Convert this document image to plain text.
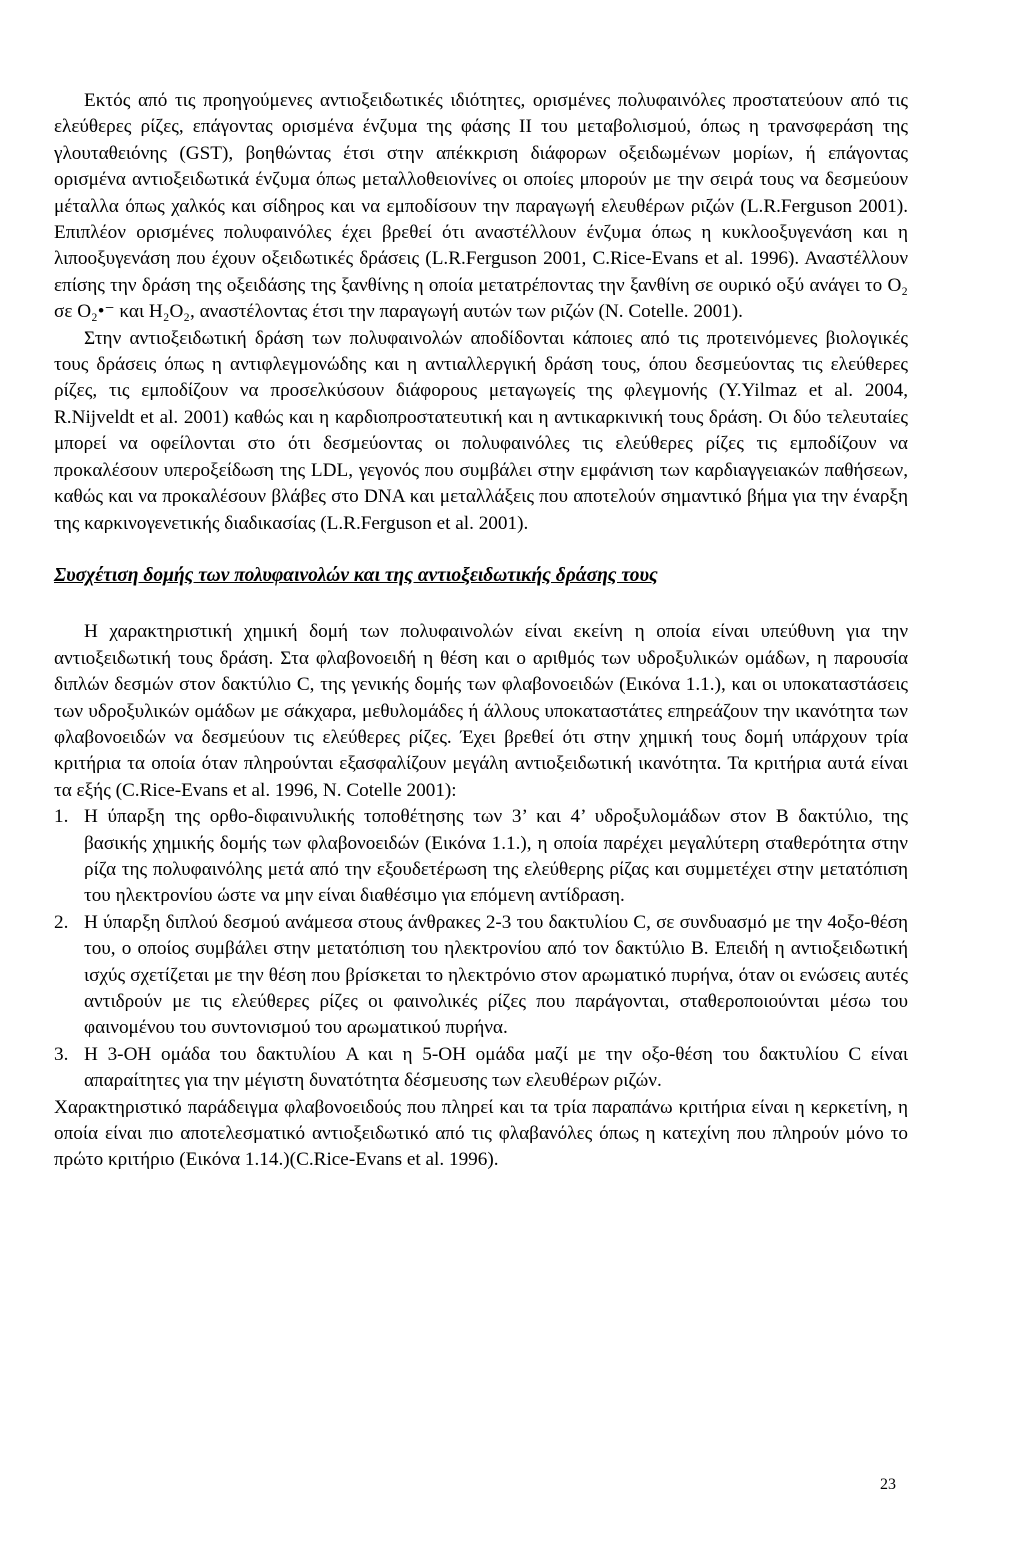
Εκτός από τις προηγούμενες αντιοξειδωτικές ιδιότητες, ορισμένες πολυφαινόλες προστατεύουν από τις ελεύθερες ρίζες, επάγοντας ορισμένα ένζυμα της φάσης II του μεταβολισμού, όπως η τρανσφεράση της γλουταθειόνης (GST), βοηθώντας έτσι στην απέκκριση διάφορων οξειδωμένων μορίων, ή επάγοντας ορισμένα αντιοξειδωτικά ένζυμα όπως μεταλλοθειονίνες οι οποίες μπορούν με την σειρά τους να δεσμεύουν μέταλλα όπως χαλκός και σίδηρος και να εμποδίσουν την παραγωγή ελευθέρων ριζών (L.R.Ferguson 2001). Επιπλέον ορισμένες πολυφαινόλες έχει βρεθεί ότι αναστέλλουν ένζυμα όπως η κυκλοοξυγενάση και η λιποοξυγενάση που έχουν οξειδωτικές δράσεις (L.R.Ferguson 2001, C.Rice-Evans et al. 1996). Αναστέλλουν επίσης την δράση της οξειδάσης της ξανθίνης η οποία μετατρέποντας την ξανθίνη σε ουρικό οξύ ανάγει το O₂ σε O₂•⁻ και H₂O₂, αναστέλοντας έτσι την παραγωγή αυτών των ριζών (N. Cotelle. 2001).

Στην αντιοξειδωτική δράση των πολυφαινολών αποδίδονται κάποιες από τις προτεινόμενες βιολογικές τους δράσεις όπως η αντιφλεγμονώδης και η αντιαλλεργική δράση τους, όπου δεσμεύοντας τις ελεύθερες ρίζες, τις εμποδίζουν να προσελκύσουν διάφορους μεταγωγείς της φλεγμονής (Y.Yilmaz et al. 2004, R.Nijveldt et al. 2001) καθώς και η καρδιοπροστατευτική και η αντικαρκινική τους δράση. Οι δύο τελευταίες μπορεί να οφείλονται στο ότι δεσμεύοντας οι πολυφαινόλες τις ελεύθερες ρίζες τις εμποδίζουν να προκαλέσουν υπεροξείδωση της LDL, γεγονός που συμβάλει στην εμφάνιση των καρδιαγγειακών παθήσεων, καθώς και να προκαλέσουν βλάβες στο DNA και μεταλλάξεις που αποτελούν σημαντικό βήμα για την έναρξη της καρκινογενετικής διαδικασίας (L.R.Ferguson et al. 2001).

Συσχέτιση δομής των πολυφαινολών και της αντιοξειδωτικής δράσης τους

Η χαρακτηριστική χημική δομή των πολυφαινολών είναι εκείνη η οποία είναι υπεύθυνη για την αντιοξειδωτική τους δράση. Στα φλαβονοειδή η θέση και ο αριθμός των υδροξυλικών ομάδων, η παρουσία διπλών δεσμών στον δακτύλιο C, της γενικής δομής των φλαβονοειδών (Εικόνα 1.1.), και οι υποκαταστάσεις των υδροξυλικών ομάδων με σάκχαρα, μεθυλομάδες ή άλλους υποκαταστάτες επηρεάζουν την ικανότητα των φλαβονοειδών να δεσμεύουν τις ελεύθερες ρίζες. Έχει βρεθεί ότι στην χημική τους δομή υπάρχουν τρία κριτήρια τα οποία όταν πληρούνται εξασφαλίζουν μεγάλη αντιοξειδωτική ικανότητα. Τα κριτήρια αυτά είναι τα εξής (C.Rice-Evans et al. 1996, N. Cotelle 2001):

1. Η ύπαρξη της ορθο-διφαινυλικής τοποθέτησης των 3’ και 4’ υδροξυλομάδων στον B δακτύλιο, της βασικής χημικής δομής των φλαβονοειδών (Εικόνα 1.1.), η οποία παρέχει μεγαλύτερη σταθερότητα στην ρίζα της πολυφαινόλης μετά από την εξουδετέρωση της ελεύθερης ρίζας και συμμετέχει στην μετατόπιση του ηλεκτρονίου ώστε να μην είναι διαθέσιμο για επόμενη αντίδραση.
2. Η ύπαρξη διπλού δεσμού ανάμεσα στους άνθρακες 2-3 του δακτυλίου C, σε συνδυασμό με την 4οξο-θέση του, ο οποίος συμβάλει στην μετατόπιση του ηλεκτρονίου από τον δακτύλιο B. Επειδή η αντιοξειδωτική ισχύς σχετίζεται με την θέση που βρίσκεται το ηλεκτρόνιο στον αρωματικό πυρήνα, όταν οι ενώσεις αυτές αντιδρούν με τις ελεύθερες ρίζες οι φαινολικές ρίζες που παράγονται, σταθεροποιούνται μέσω του φαινομένου του συντονισμού του αρωματικού πυρήνα.
3. Η 3-OH ομάδα του δακτυλίου A και η 5-OH ομάδα μαζί με την οξο-θέση του δακτυλίου C είναι απαραίτητες για την μέγιστη δυνατότητα δέσμευσης των ελευθέρων ριζών.

Χαρακτηριστικό παράδειγμα φλαβονοειδούς που πληρεί και τα τρία παραπάνω κριτήρια είναι η κερκετίνη, η οποία είναι πιο αποτελεσματικό αντιοξειδωτικό από τις φλαβανόλες όπως η κατεχίνη που πληρούν μόνο το πρώτο κριτήριο (Εικόνα 1.14.)(C.Rice-Evans et al. 1996).

23
